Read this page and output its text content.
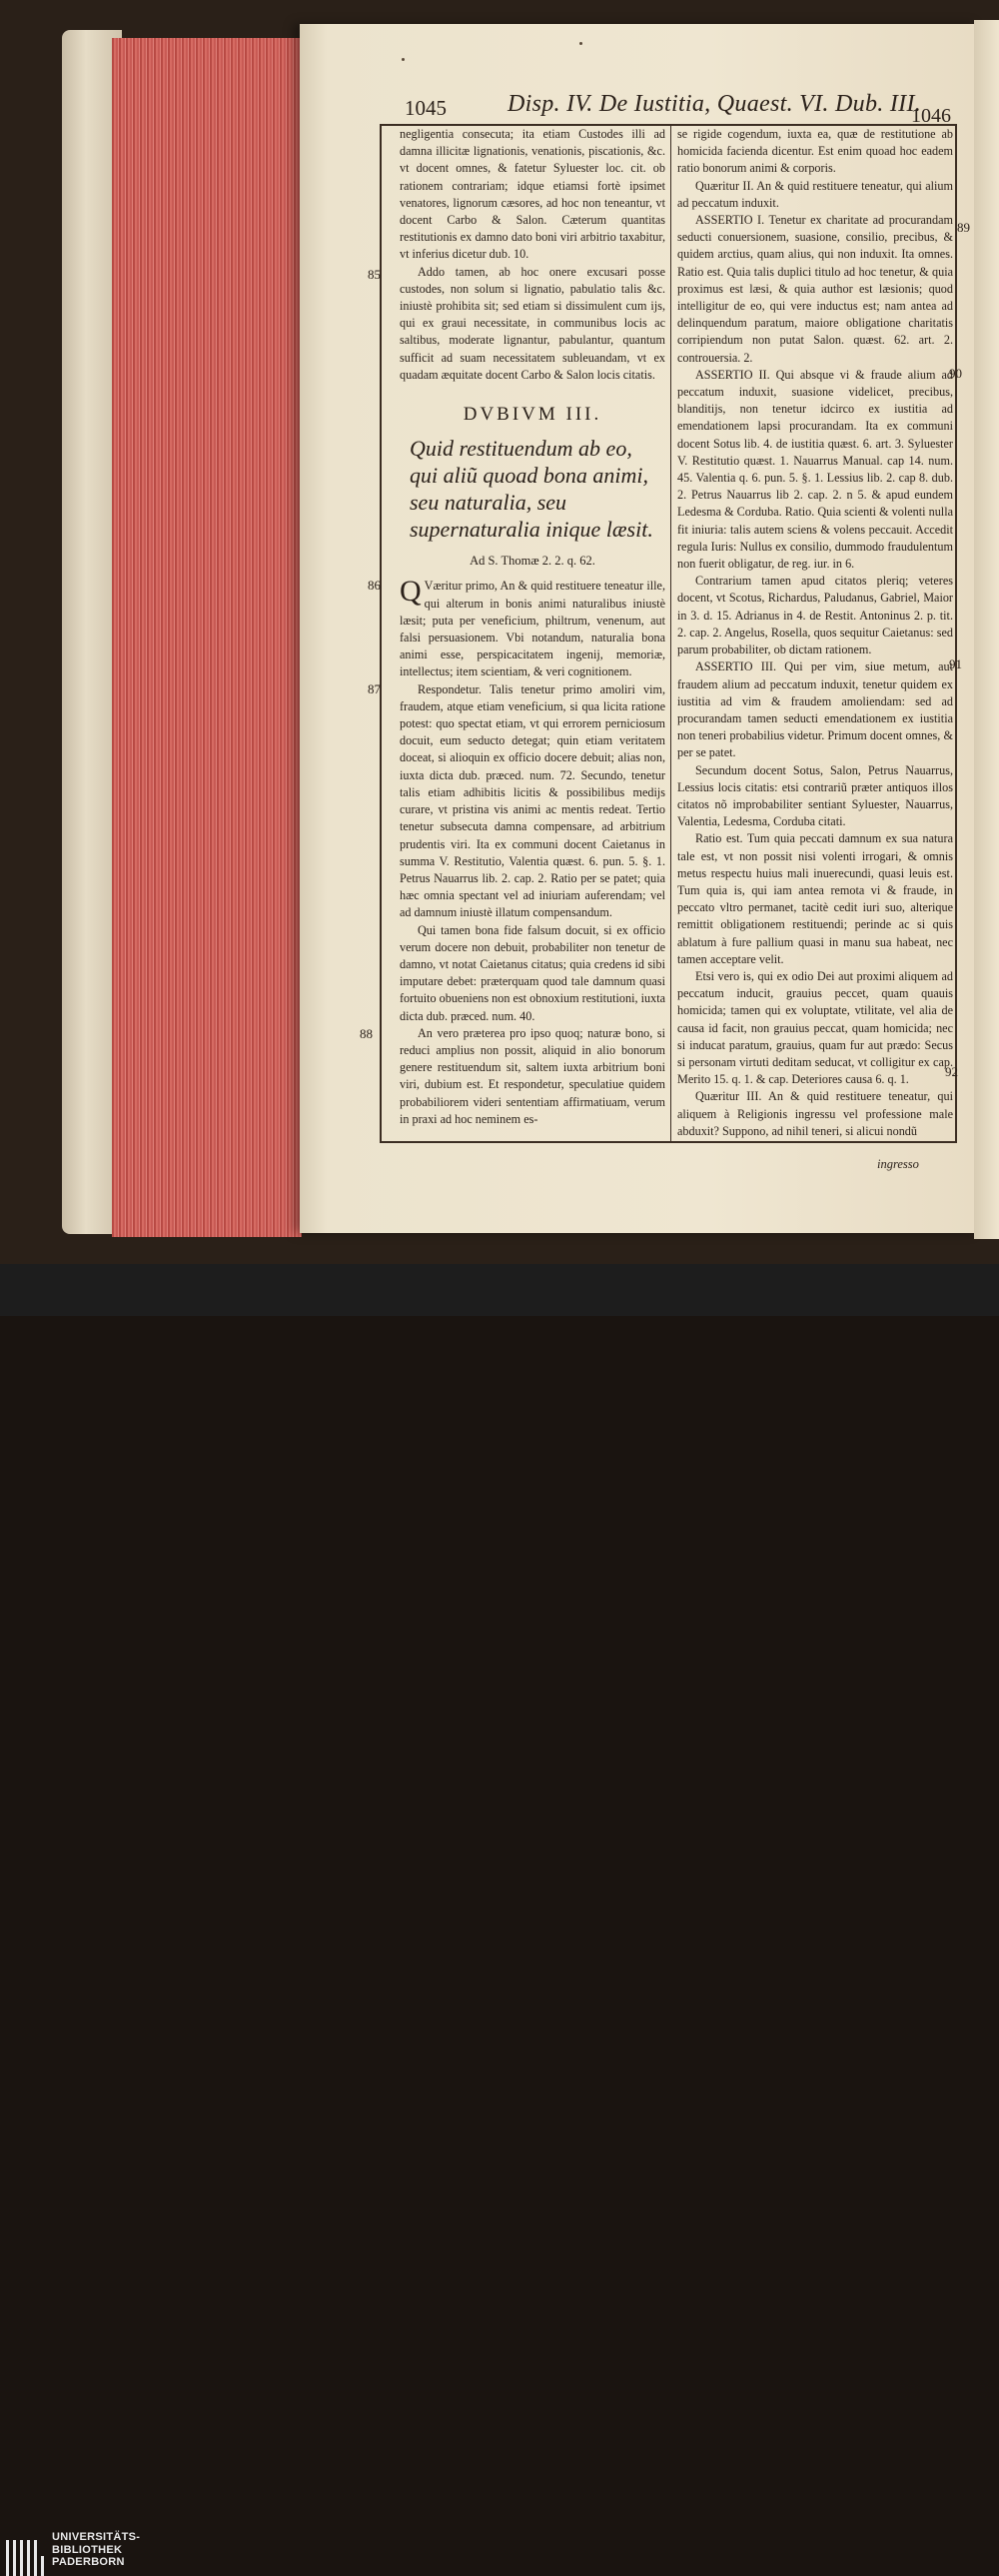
1045	Disp. IV. De Iustitia, Quaest. VI. Dub. III.
1046
85
86
87
88
89
90
91
92

negligentia consecuta; ita etiam Custodes illi ad damna illicitæ lignationis, venationis, piscationis, &c. vt docent omnes, & fatetur Syluester loc. cit. ob rationem contrariam; idque etiamsi fortè ipsimet venatores, lignorum cæsores, ad hoc non teneantur, vt docent Carbo & Salon. Cæterum quantitas restitutionis ex damno dato boni viri arbitrio taxabitur, vt inferius dicetur dub. 10.

Addo tamen, ab hoc onere excusari posse custodes, non solum si lignatio, pabulatio talis &c. iniustè prohibita sit; sed etiam si dissimulent cum ijs, qui ex graui necessitate, in communibus locis ac saltibus, moderate lignantur, pabulantur, quantum sufficit ad suam necessitatem subleuandam, vt ex quadam æquitate docent Carbo & Salon locis citatis.

DVBIVM III.
Quid restituendum ab eo, qui aliũ quoad bona animi, seu naturalia, seu supernaturalia inique læsit.
Ad S. Thomæ 2. 2. q. 62.

Q Væritur primo, An & quid restituere teneatur ille, qui alterum in bonis animi naturalibus iniustè læsit; puta per veneficium, philtrum, venenum, aut falsi persuasionem. Vbi notandum, naturalia bona animi esse, perspicacitatem ingenij, memoriæ, intellectus; item scientiam, & veri cognitionem.

Respondetur. Talis tenetur primo amoliri vim, fraudem, atque etiam veneficium, si qua licita ratione potest: quo spectat etiam, vt qui errorem perniciosum docuit, eum seducto detegat; quin etiam veritatem doceat, si alioquin ex officio docere debuit; alias non, iuxta dicta dub. præced. num. 72. Secundo, tenetur talis etiam adhibitis licitis & possibilibus medijs curare, vt pristina vis animi ac mentis redeat. Tertio tenetur subsecuta damna compensare, ad arbitrium prudentis viri. Ita ex communi docent Caietanus in summa V. Restitutio, Valentia quæst. 6. pun. 5. §. 1. Petrus Nauarrus lib. 2. cap. 2. Ratio per se patet; quia hæc omnia spectant vel ad iniuriam auferendam; vel ad damnum iniustè illatum compensandum.

Qui tamen bona fide falsum docuit, si ex officio verum docere non debuit, probabiliter non tenetur de damno, vt notat Caietanus citatus; quia credens id sibi imputare debet: præterquam quod tale damnum quasi fortuito obueniens non est obnoxium restitutioni, iuxta dicta dub. præced. num. 40.

An vero præterea pro ipso quoq; naturæ bono, si reduci amplius non possit, aliquid in alio bonorum genere restituendum sit, saltem iuxta arbitrium boni viri, dubium est. Et respondetur, speculatiue quidem probabiliorem videri sententiam affirmatiuam, verum in praxi ad hoc neminem es-

se rigide cogendum, iuxta ea, quæ de restitutione ab homicida facienda dicentur. Est enim quoad hoc eadem ratio bonorum animi & corporis.

Quæritur II. An & quid restituere teneatur, qui alium ad peccatum induxit.

ASSERTIO I. Tenetur ex charitate ad procurandam seducti conuersionem, suasione, consilio, precibus, & quidem arctius, quam alius, qui non induxit. Ita omnes. Ratio est. Quia talis duplici titulo ad hoc tenetur, & quia proximus est læsi, & quia author est læsionis; quod intelligitur de eo, qui vere inductus est; nam antea ad delinquendum paratum, maiore obligatione charitatis corripiendum non putat Salon. quæst. 62. art. 2. controuersia. 2.

ASSERTIO II. Qui absque vi & fraude alium ad peccatum induxit, suasione videlicet, precibus, blanditijs, non tenetur idcirco ex iustitia ad emendationem lapsi procurandam. Ita ex communi docent Sotus lib. 4. de iustitia quæst. 6. art. 3. Syluester V. Restitutio quæst. 1. Nauarrus Manual. cap 14. num. 45. Valentia q. 6. pun. 5. §. 1. Lessius lib. 2. cap 8. dub. 2. Petrus Nauarrus lib 2. cap. 2. n 5. & apud eundem Ledesma & Corduba. Ratio. Quia scienti & volenti nulla fit iniuria: talis autem sciens & volens peccauit. Accedit regula Iuris: Nullus ex consilio, dummodo fraudulentum non fuerit obligatur, de reg. iur. in 6.

Contrarium tamen apud citatos pleriq; veteres docent, vt Scotus, Richardus, Paludanus, Gabriel, Maior in 3. d. 15. Adrianus in 4. de Restit. Antoninus 2. p. tit. 2. cap. 2. Angelus, Rosella, quos sequitur Caietanus: sed parum probabiliter, ob dictam rationem.

ASSERTIO III. Qui per vim, siue metum, aut fraudem alium ad peccatum induxit, tenetur quidem ex iustitia ad vim & fraudem amoliendam: sed ad procurandam tamen seducti emendationem ex iustitia non teneri probabilius videtur. Primum docent omnes, & per se patet.

Secundum docent Sotus, Salon, Petrus Nauarrus, Lessius locis citatis: etsi contrariũ præter antiquos illos citatos nõ improbabiliter sentiant Syluester, Nauarrus, Valentia, Ledesma, Corduba citati.

Ratio est. Tum quia peccati damnum ex sua natura tale est, vt non possit nisi volenti irrogari, & omnis metus respectu huius mali inuerecundi, quasi leuis est. Tum quia is, qui iam antea remota vi & fraude, in peccato vltro permanet, tacitè cedit iuri suo, alterique remittit obligationem restituendi; perinde ac si quis ablatum à fure pallium quasi in manu sua habeat, nec tamen acceptare velit.

Etsi vero is, qui ex odio Dei aut proximi aliquem ad peccatum inducit, grauius peccet, quam quauis homicida; tamen qui ex voluptate, vtilitate, vel alia de causa id facit, non grauius peccat, quam homicida; nec si inducat paratum, grauius, quam fur aut prædo: Secus si personam virtuti deditam seducat, vt colligitur ex cap. Merito 15. q. 1. & cap. Deteriores causa 6. q. 1.

Quæritur III. An & quid restituere teneatur, qui aliquem à Religionis ingressu vel professione male abduxit? Suppono, ad nihil teneri, si alicui nondũ

ingresso
UNIVERSITÄTS-
BIBLIOTHEK
PADERBORN
